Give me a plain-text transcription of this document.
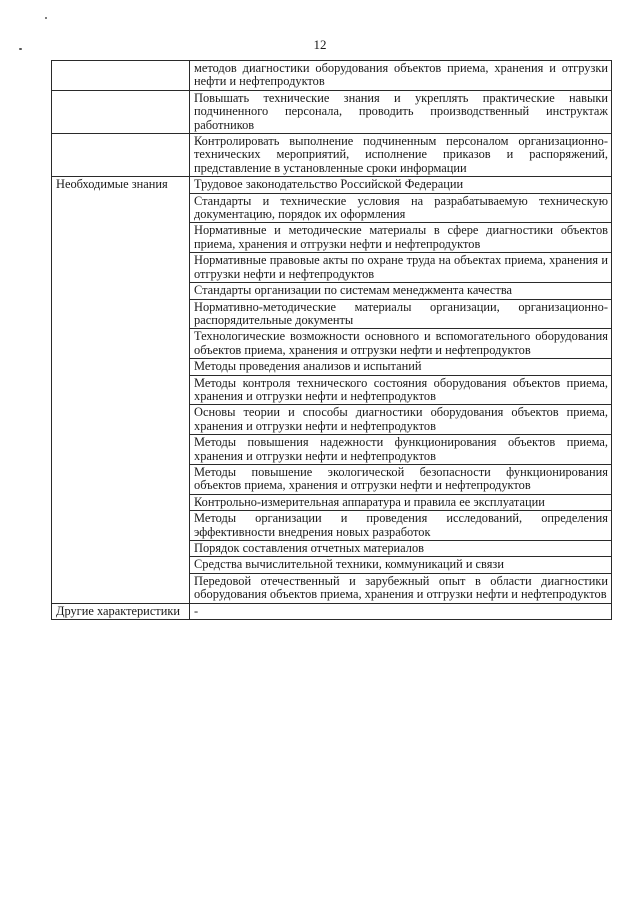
12
	методов диагностики оборудования объектов приема, хранения и отгрузки нефти и нефтепродуктов
	Повышать технические знания и укреплять практические навыки подчиненного персонала, проводить производственный инструктаж работников
	Контролировать выполнение подчиненным персоналом организационно-технических мероприятий, исполнение приказов и распоряжений, представление в установленные сроки информации
Необходимые знания	Трудовое законодательство Российской Федерации
	Стандарты и технические условия на разрабатываемую техническую документацию, порядок их оформления
	Нормативные и методические материалы в сфере диагностики объектов приема, хранения и отгрузки нефти и нефтепродуктов
	Нормативные правовые акты по охране труда на объектах приема, хранения и отгрузки нефти и нефтепродуктов
	Стандарты организации по системам менеджмента качества
	Нормативно-методические материалы организации, организационно-распорядительные документы
	Технологические возможности основного и вспомогательного оборудования объектов приема, хранения и отгрузки нефти и нефтепродуктов
	Методы проведения анализов и испытаний
	Методы контроля технического состояния оборудования объектов приема, хранения и отгрузки нефти и нефтепродуктов
	Основы теории и способы диагностики оборудования объектов приема, хранения и отгрузки нефти и нефтепродуктов
	Методы повышения надежности функционирования объектов приема, хранения и отгрузки нефти и нефтепродуктов
	Методы повышение экологической безопасности функционирования объектов приема, хранения и отгрузки нефти и нефтепродуктов
	Контрольно-измерительная аппаратура и правила ее эксплуатации
	Методы организации и проведения исследований, определения эффективности внедрения новых разработок
	Порядок составления отчетных материалов
	Средства вычислительной техники, коммуникаций и связи
	Передовой отечественный и зарубежный опыт в области диагностики оборудования объектов приема, хранения и отгрузки нефти и нефтепродуктов
Другие характеристики	-
